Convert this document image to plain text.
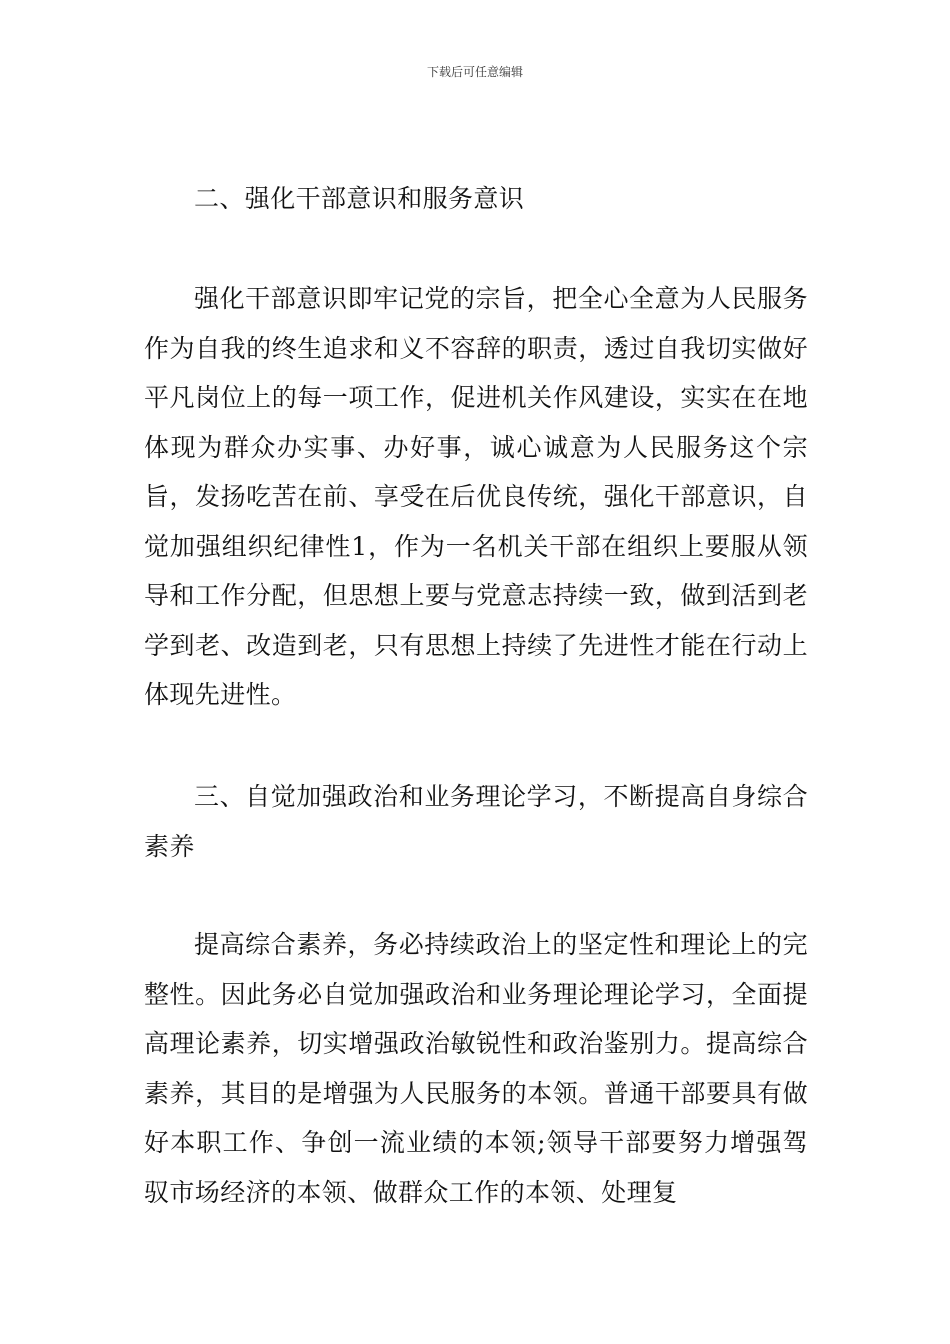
下载后可任意编辑

二、强化干部意识和服务意识

强化干部意识即牢记党的宗旨，把全心全意为人民服务作为自我的终生追求和义不容辞的职责，透过自我切实做好平凡岗位上的每一项工作，促进机关作风建设，实实在在地体现为群众办实事、办好事，诚心诚意为人民服务这个宗旨，发扬吃苦在前、享受在后优良传统，强化干部意识，自觉加强组织纪律性1，作为一名机关干部在组织上要服从领导和工作分配，但思想上要与党意志持续一致，做到活到老学到老、改造到老，只有思想上持续了先进性才能在行动上体现先进性。

三、自觉加强政治和业务理论学习，不断提高自身综合素养

提高综合素养，务必持续政治上的坚定性和理论上的完整性。因此务必自觉加强政治和业务理论理论学习，全面提高理论素养，切实增强政治敏锐性和政治鉴别力。提高综合素养，其目的是增强为人民服务的本领。普通干部要具有做好本职工作、争创一流业绩的本领;领导干部要努力增强驾驭市场经济的本领、做群众工作的本领、处理复
